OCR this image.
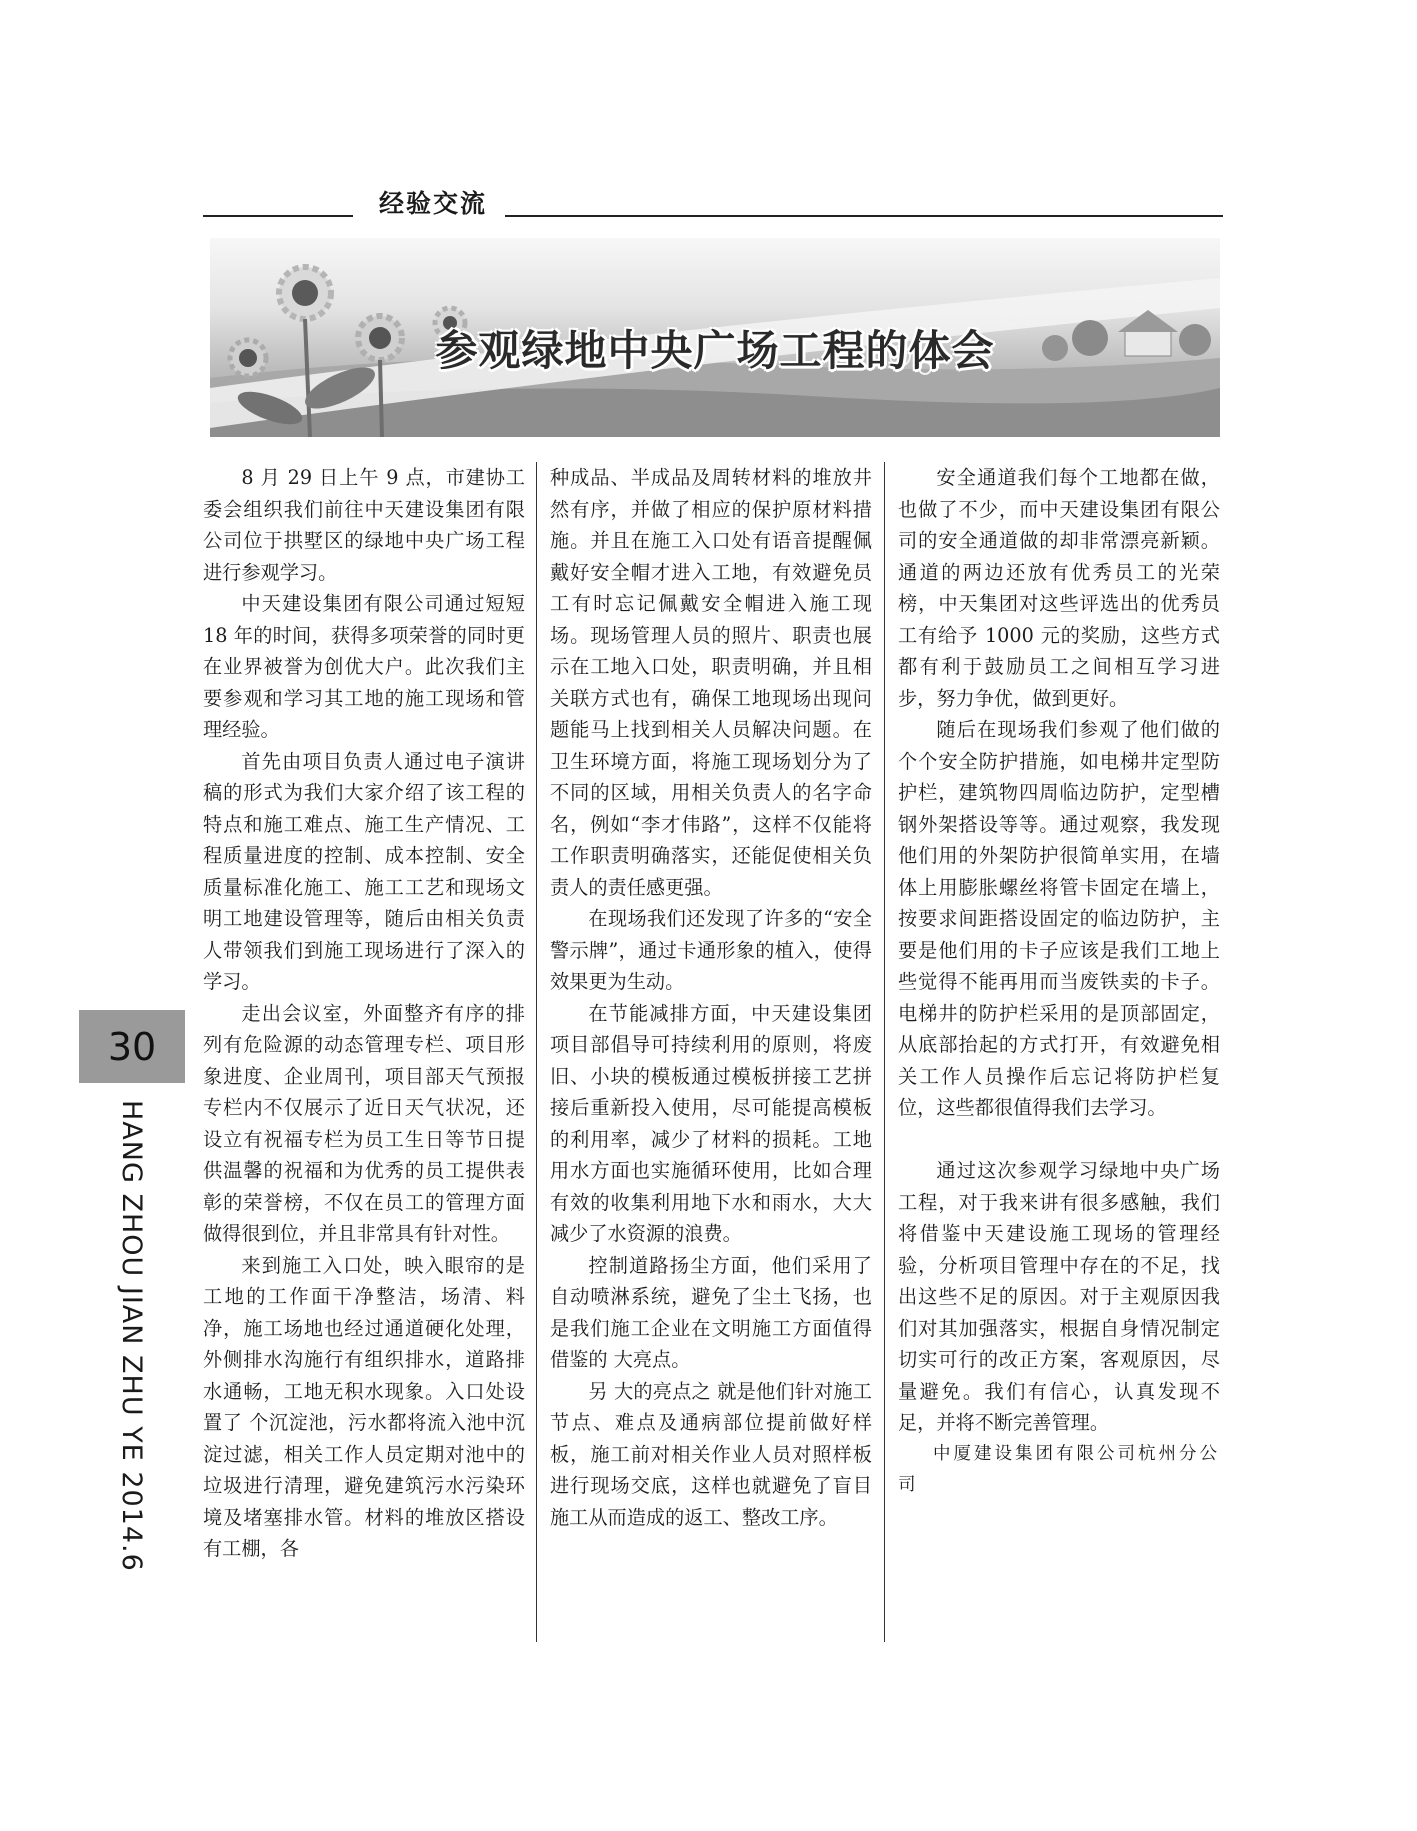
经验交流
参观绿地中央广场工程的体会

8 月 29 日上午 9 点，市建协工委会组织我们前往中天建设集团有限公司位于拱墅区的绿地中央广场工程进行参观学习。

中天建设集团有限公司通过短短 18 年的时间，获得多项荣誉的同时更在业界被誉为创优大户。此次我们主要参观和学习其工地的施工现场和管理经验。

首先由项目负责人通过电子演讲稿的形式为我们大家介绍了该工程的特点和施工难点、施工生产情况、工程质量进度的控制、成本控制、安全质量标准化施工、施工工艺和现场文明工地建设管理等，随后由相关负责人带领我们到施工现场进行了深入的学习。

走出会议室，外面整齐有序的排列有危险源的动态管理专栏、项目形象进度、企业周刊，项目部天气预报专栏内不仅展示了近日天气状况，还设立有祝福专栏为员工生日等节日提供温馨的祝福和为优秀的员工提供表彰的荣誉榜，不仅在员工的管理方面做得很到位，并且非常具有针对性。

来到施工入口处，映入眼帘的是工地的工作面干净整洁，场清、料净，施工场地也经过通道硬化处理，外侧排水沟施行有组织排水，道路排水通畅，工地无积水现象。入口处设置了 个沉淀池，污水都将流入池中沉淀过滤，相关工作人员定期对池中的垃圾进行清理，避免建筑污水污染环境及堵塞排水管。材料的堆放区搭设有工棚，各

种成品、半成品及周转材料的堆放井然有序，并做了相应的保护原材料措施。并且在施工入口处有语音提醒佩戴好安全帽才进入工地，有效避免员工有时忘记佩戴安全帽进入施工现场。现场管理人员的照片、职责也展示在工地入口处，职责明确，并且相关联方式也有，确保工地现场出现问题能马上找到相关人员解决问题。在卫生环境方面，将施工现场划分为了不同的区域，用相关负责人的名字命名，例如“李才伟路”，这样不仅能将工作职责明确落实，还能促使相关负责人的责任感更强。

在现场我们还发现了许多的“安全警示牌”，通过卡通形象的植入，使得效果更为生动。

在节能减排方面，中天建设集团项目部倡导可持续利用的原则，将废旧、小块的模板通过模板拼接工艺拼接后重新投入使用，尽可能提高模板的利用率，减少了材料的损耗。工地用水方面也实施循环使用，比如合理有效的收集利用地下水和雨水，大大减少了水资源的浪费。

控制道路扬尘方面，他们采用了自动喷淋系统，避免了尘土飞扬，也是我们施工企业在文明施工方面值得借鉴的 大亮点。

另 大的亮点之 就是他们针对施工节点、难点及通病部位提前做好样板，施工前对相关作业人员对照样板进行现场交底，这样也就避免了盲目施工从而造成的返工、整改工序。

安全通道我们每个工地都在做，也做了不少，而中天建设集团有限公司的安全通道做的却非常漂亮新颖。通道的两边还放有优秀员工的光荣榜，中天集团对这些评选出的优秀员工有给予 1000 元的奖励，这些方式都有利于鼓励员工之间相互学习进步，努力争优，做到更好。

随后在现场我们参观了他们做的 个个安全防护措施，如电梯井定型防护栏，建筑物四周临边防护，定型槽钢外架搭设等等。通过观察，我发现他们用的外架防护很简单实用，在墙体上用膨胀螺丝将管卡固定在墙上，按要求间距搭设固定的临边防护，主要是他们用的卡子应该是我们工地上 些觉得不能再用而当废铁卖的卡子。电梯井的防护栏采用的是顶部固定，从底部抬起的方式打开，有效避免相关工作人员操作后忘记将防护栏复位，这些都很值得我们去学习。

通过这次参观学习绿地中央广场工程，对于我来讲有很多感触，我们将借鉴中天建设施工现场的管理经验，分析项目管理中存在的不足，找出这些不足的原因。对于主观原因我们对其加强落实，根据自身情况制定切实可行的改正方案，客观原因，尽量避免。我们有信心，认真发现不足，并将不断完善管理。

中厦建设集团有限公司杭州分公司

30
HANG ZHOU JIAN ZHU YE 2014.6
